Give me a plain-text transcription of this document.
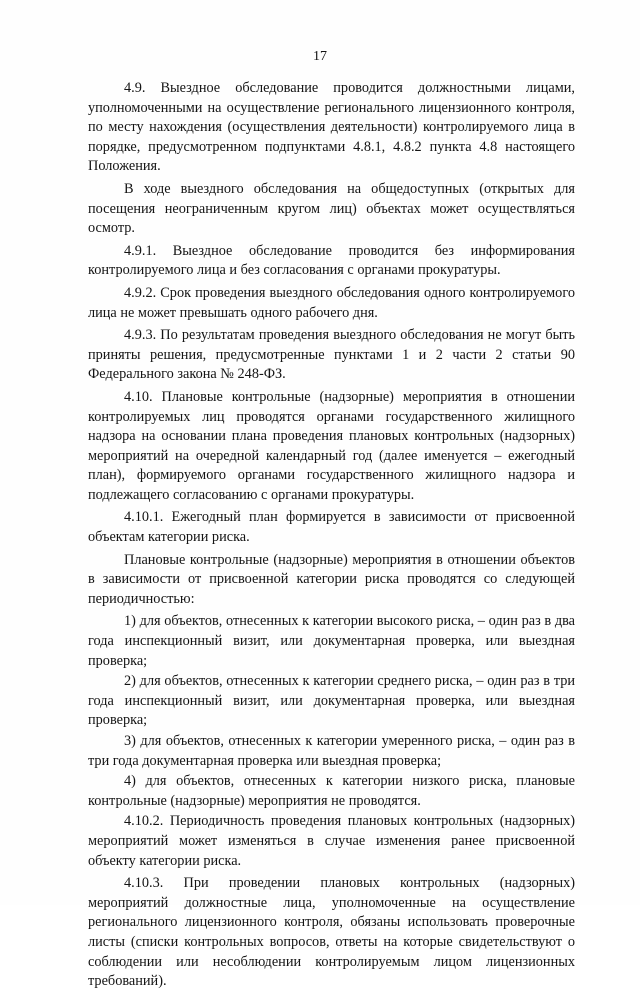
17

4.9. Выездное обследование проводится должностными лицами, уполномоченными на осуществление регионального лицензионного контроля, по месту нахождения (осуществления деятельности) контролируемого лица в порядке, предусмотренном подпунктами 4.8.1, 4.8.2 пункта 4.8 настоящего Положения.

В ходе выездного обследования на общедоступных (открытых для посещения неограниченным кругом лиц) объектах может осуществляться осмотр.

4.9.1. Выездное обследование проводится без информирования контролируемого лица и без согласования с органами прокуратуры.

4.9.2. Срок проведения выездного обследования одного контролируемого лица не может превышать одного рабочего дня.

4.9.3. По результатам проведения выездного обследования не могут быть приняты решения, предусмотренные пунктами 1 и 2 части 2 статьи 90 Федерального закона № 248-ФЗ.

4.10. Плановые контрольные (надзорные) мероприятия в отношении контролируемых лиц проводятся органами государственного жилищного надзора на основании плана проведения плановых контрольных (надзорных) мероприятий на очередной календарный год (далее именуется – ежегодный план), формируемого органами государственного жилищного надзора и подлежащего согласованию с органами прокуратуры.

4.10.1. Ежегодный план формируется в зависимости от присвоенной объектам категории риска.

Плановые контрольные (надзорные) мероприятия в отношении объектов в зависимости от присвоенной категории риска проводятся со следующей периодичностью:

1) для объектов, отнесенных к категории высокого риска, – один раз в два года инспекционный визит, или документарная проверка, или выездная проверка;

2) для объектов, отнесенных к категории среднего риска, – один раз в три года инспекционный визит, или документарная проверка, или выездная проверка;

3) для объектов, отнесенных к категории умеренного риска, – один раз в три года документарная проверка или выездная проверка;

4) для объектов, отнесенных к категории низкого риска, плановые контрольные (надзорные) мероприятия не проводятся.

4.10.2. Периодичность проведения плановых контрольных (надзорных) мероприятий может изменяться в случае изменения ранее присвоенной объекту категории риска.

4.10.3. При проведении плановых контрольных (надзорных) мероприятий должностные лица, уполномоченные на осуществление регионального лицензионного контроля, обязаны использовать проверочные листы (списки контрольных вопросов, ответы на которые свидетельствуют о соблюдении или несоблюдении контролируемым лицом лицензионных требований).
